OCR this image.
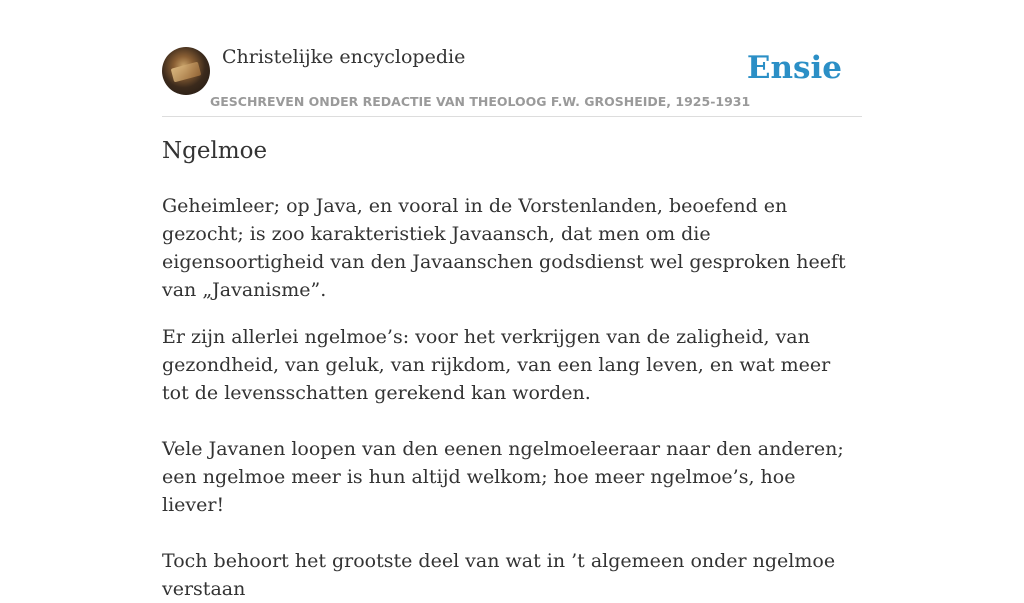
Christelijke encyclopedie
GESCHREVEN ONDER REDACTIE VAN THEOLOOG F.W. GROSHEIDE, 1925-1931
Ensie
Ngelmoe

Geheimleer; op Java, en vooral in de Vorstenlanden, beoefend en gezocht; is zoo karakteristiek Javaansch, dat men om die eigensoortigheid van den Javaanschen godsdienst wel gesproken heeft van „Javanisme”.

Er zijn allerlei ngelmoe’s: voor het verkrijgen van de zaligheid, van gezondheid, van geluk, van rijkdom, van een lang leven, en wat meer tot de levensschatten gerekend kan worden.

Vele Javanen loopen van den eenen ngelmoeleeraar naar den anderen; een ngelmoe meer is hun altijd welkom; hoe meer ngelmoe’s, hoe liever!

Toch behoort het grootste deel van wat in ’t algemeen onder ngelmoe verstaan
